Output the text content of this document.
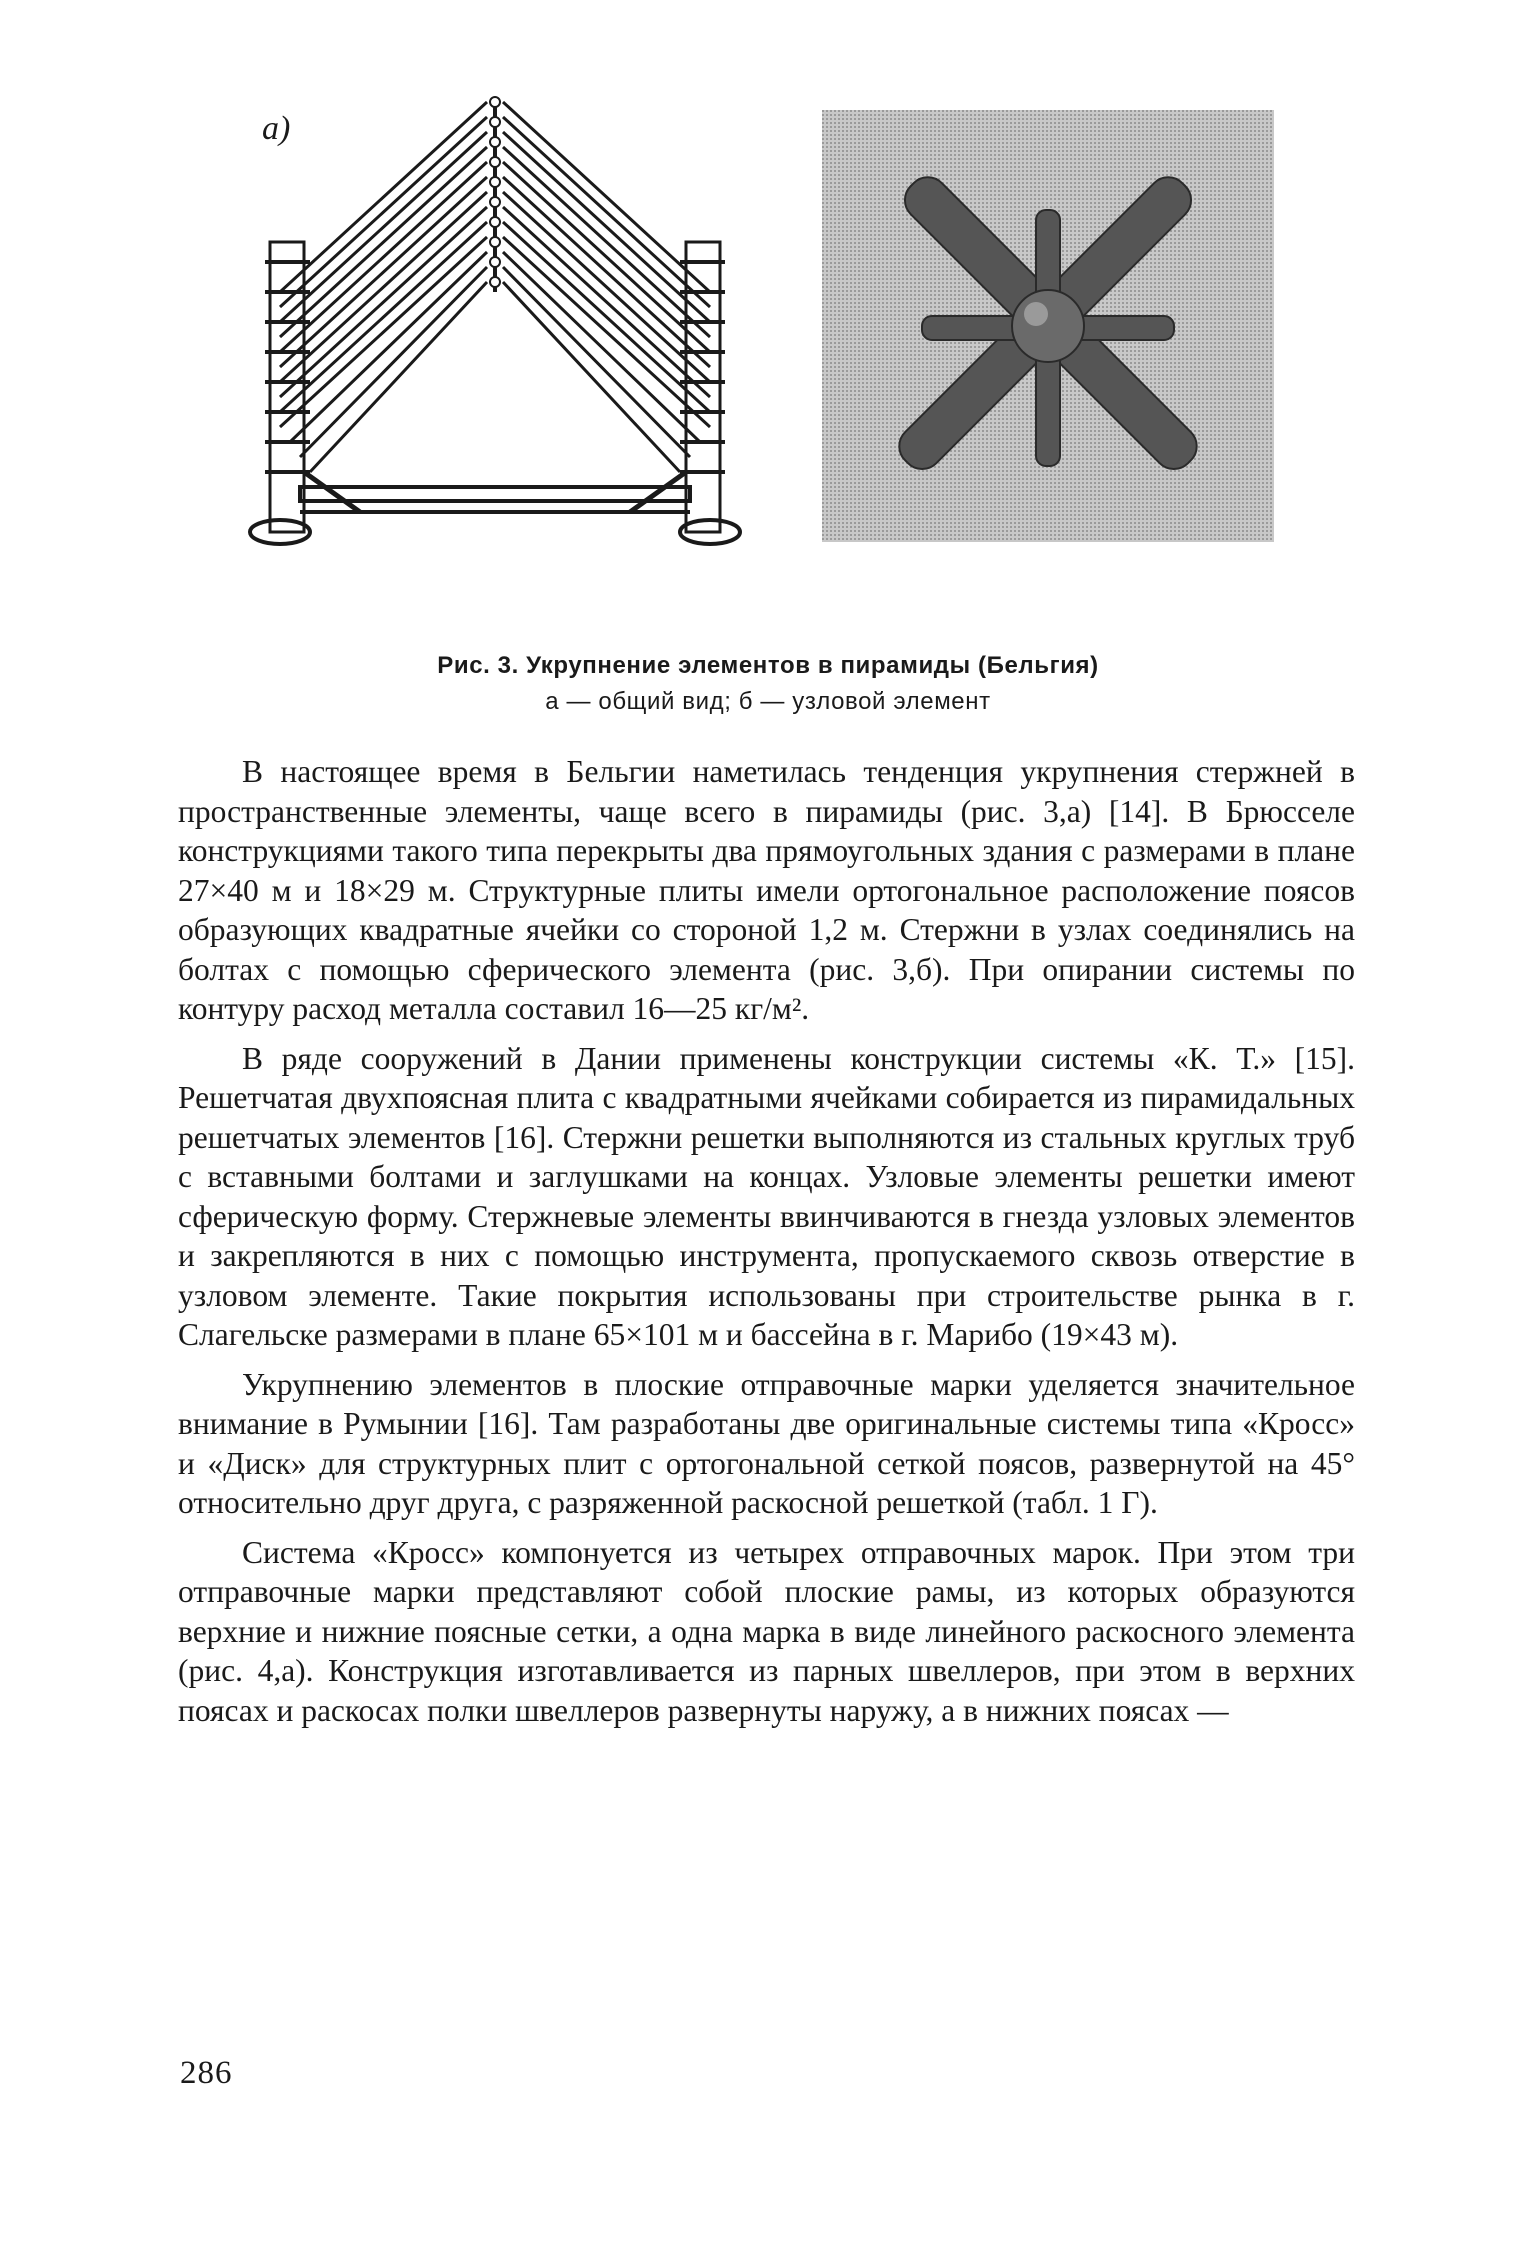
а)
Рис. 3. Укрупнение элементов в пирамиды (Бельгия)
а — общий вид; б — узловой элемент

В настоящее время в Бельгии наметилась тенденция укрупнения стержней в пространственные элементы, чаще всего в пирамиды (рис. 3,а) [14]. В Брюсселе конструкциями такого типа перекрыты два прямоугольных здания с размерами в плане 27×40 м и 18×29 м. Структурные плиты имели ортогональное расположение поясов образующих квадратные ячейки со стороной 1,2 м. Стержни в узлах соединялись на болтах с помощью сферического элемента (рис. 3,б). При опирании системы по контуру расход металла составил 16—25 кг/м².

В ряде сооружений в Дании применены конструкции системы «К. Т.» [15]. Решетчатая двухпоясная плита с квадратными ячейками собирается из пирамидальных решетчатых элементов [16]. Стержни решетки выполняются из стальных круглых труб с вставными болтами и заглушками на концах. Узловые элементы решетки имеют сферическую форму. Стержневые элементы ввинчиваются в гнезда узловых элементов и закрепляются в них с помощью инструмента, пропускаемого сквозь отверстие в узловом элементе. Такие покрытия использованы при строительстве рынка в г. Слагельске размерами в плане 65×101 м и бассейна в г. Марибо (19×43 м).

Укрупнению элементов в плоские отправочные марки уделяется значительное внимание в Румынии [16]. Там разработаны две оригинальные системы типа «Кросс» и «Диск» для структурных плит с ортогональной сеткой поясов, развернутой на 45° относительно друг друга, с разряженной раскосной решеткой (табл. 1 Г).

Система «Кросс» компонуется из четырех отправочных марок. При этом три отправочные марки представляют собой плоские рамы, из которых образуются верхние и нижние поясные сетки, а одна марка в виде линейного раскосного элемента (рис. 4,а). Конструкция изготавливается из парных швеллеров, при этом в верхних поясах и раскосах полки швеллеров развернуты наружу, а в нижних поясах —

286
